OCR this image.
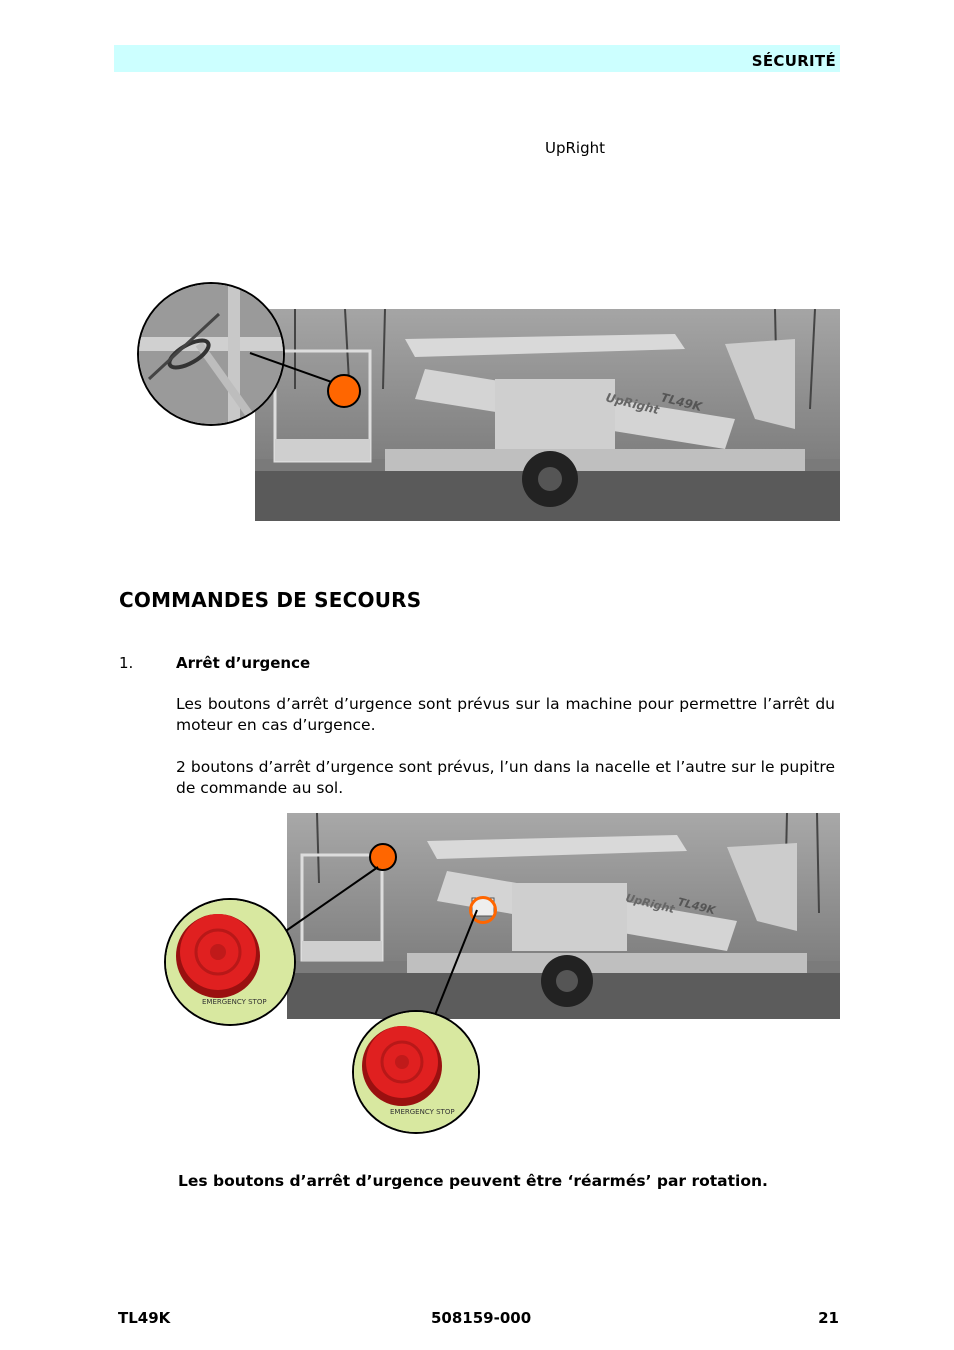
SÉCURITÉ
UpRight
TL49K
UpRight
COMMANDES DE SECOURS
1.	Arrêt d’urgence
Les boutons d’arrêt d’urgence sont prévus sur la machine pour permettre l’arrêt du moteur en cas d’urgence.
2 boutons d’arrêt d’urgence sont prévus, l’un dans la nacelle et l’autre sur le pupitre de commande au sol.
TL49K
UpRight
EMERGENCY STOP
EMERGENCY STOP
Les boutons d’arrêt d’urgence peuvent être ‘réarmés’ par rotation.
TL49K	508159-000	21
